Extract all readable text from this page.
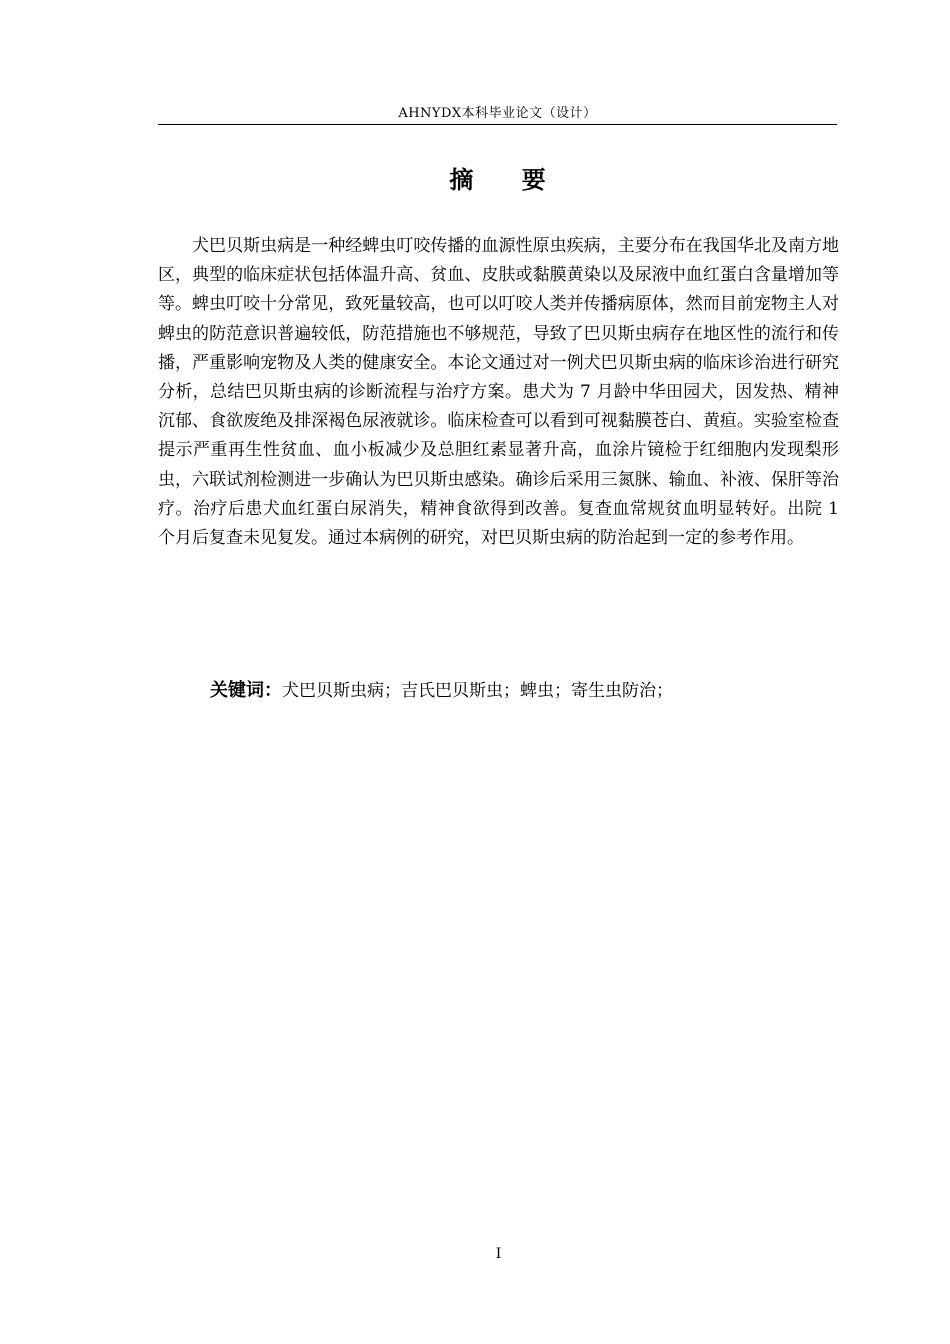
AHNYDX本科毕业论文（设计）
摘 要

犬巴贝斯虫病是一种经蜱虫叮咬传播的血源性原虫疾病，主要分布在我国华北及南方地区，典型的临床症状包括体温升高、贫血、皮肤或黏膜黄染以及尿液中血红蛋白含量增加等等。蜱虫叮咬十分常见，致死量较高，也可以叮咬人类并传播病原体，然而目前宠物主人对蜱虫的防范意识普遍较低，防范措施也不够规范，导致了巴贝斯虫病存在地区性的流行和传播，严重影响宠物及人类的健康安全。本论文通过对一例犬巴贝斯虫病的临床诊治进行研究分析，总结巴贝斯虫病的诊断流程与治疗方案。患犬为 7 月龄中华田园犬，因发热、精神沉郁、食欲废绝及排深褐色尿液就诊。临床检查可以看到可视黏膜苍白、黄疸。实验室检查提示严重再生性贫血、血小板减少及总胆红素显著升高，血涂片镜检于红细胞内发现梨形虫，六联试剂检测进一步确认为巴贝斯虫感染。确诊后采用三氮脒、输血、补液、保肝等治疗。治疗后患犬血红蛋白尿消失，精神食欲得到改善。复查血常规贫血明显转好。出院 1 个月后复查未见复发。通过本病例的研究，对巴贝斯虫病的防治起到一定的参考作用。

关键词：犬巴贝斯虫病；吉氏巴贝斯虫；蜱虫；寄生虫防治；
I
